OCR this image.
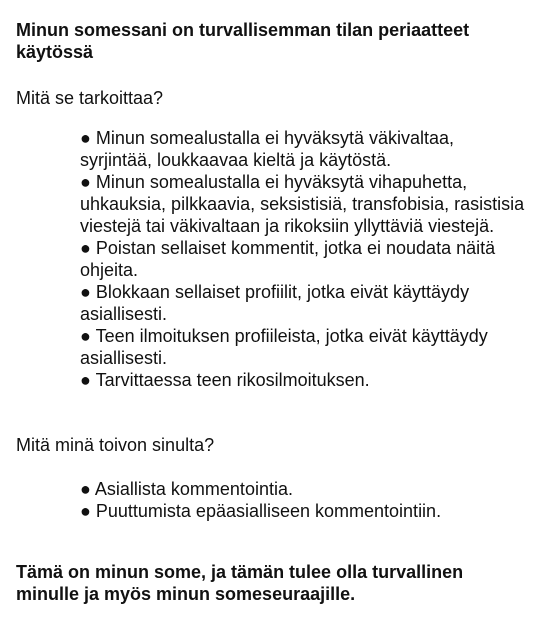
Minun somessani on turvallisemman tilan periaatteet käytössä

Mitä se tarkoittaa?

● Minun somealustalla ei hyväksytä väkivaltaa, syrjintää, loukkaavaa kieltä ja käytöstä.
● Minun somealustalla ei hyväksytä vihapuhetta, uhkauksia, pilkkaavia, seksistisiä, transfobisia, rasistisia viestejä tai väkivaltaan ja rikoksiin yllyttäviä viestejä.
● Poistan sellaiset kommentit, jotka ei noudata näitä ohjeita.
● Blokkaan sellaiset profiilit, jotka eivät käyttäydy asiallisesti.
● Teen ilmoituksen profiileista, jotka eivät käyttäydy asiallisesti.
● Tarvittaessa teen rikosilmoituksen.

Mitä minä toivon sinulta?

● Asiallista kommentointia.
● Puuttumista epäasialliseen kommentointiin.

Tämä on minun some, ja tämän tulee olla turvallinen minulle ja myös minun someseuraajille.
